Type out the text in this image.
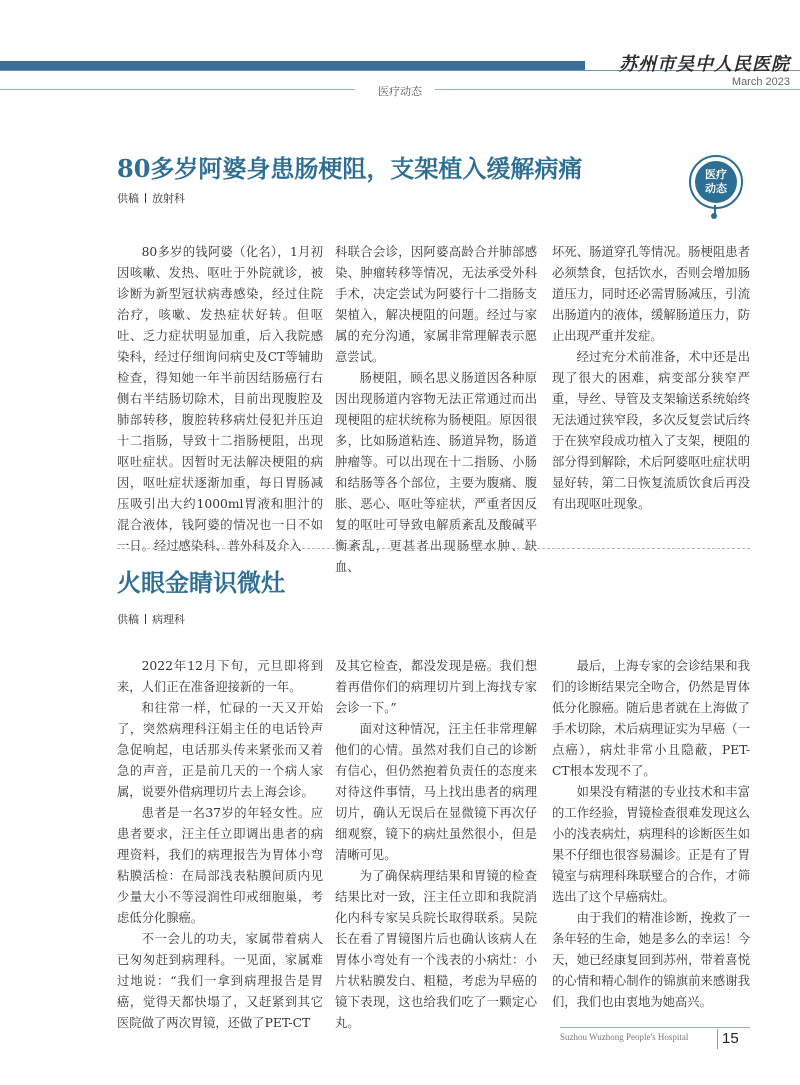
苏州市吴中人民医院
March 2023
医疗动态
80多岁阿婆身患肠梗阻，支架植入缓解病痛
供稿 放射科
医疗
动态

80多岁的钱阿婆（化名），1月初因咳嗽、发热、呕吐于外院就诊，被诊断为新型冠状病毒感染，经过住院治疗，咳嗽、发热症状好转。但呕吐、乏力症状明显加重，后入我院感染科，经过仔细询问病史及CT等辅助检查，得知她一年半前因结肠癌行右侧右半结肠切除术，目前出现腹腔及肺部转移，腹腔转移病灶侵犯并压迫十二指肠，导致十二指肠梗阻，出现呕吐症状。因暂时无法解决梗阻的病因，呕吐症状逐渐加重，每日胃肠减压吸引出大约1000ml胃液和胆汁的混合液体，钱阿婆的情况也一日不如一日。经过感染科、普外科及介入

科联合会诊，因阿婆高龄合并肺部感染、肿瘤转移等情况，无法承受外科手术，决定尝试为阿婆行十二指肠支架植入，解决梗阻的问题。经过与家属的充分沟通，家属非常理解表示愿意尝试。

肠梗阻，顾名思义肠道因各种原因出现肠道内容物无法正常通过而出现梗阻的症状统称为肠梗阻。原因很多，比如肠道粘连、肠道异物，肠道肿瘤等。可以出现在十二指肠、小肠和结肠等各个部位，主要为腹痛、腹胀、恶心、呕吐等症状，严重者因反复的呕吐可导致电解质紊乱及酸碱平衡紊乱，更甚者出现肠壁水肿、缺血、

坏死、肠道穿孔等情况。肠梗阻患者必须禁食，包括饮水，否则会增加肠道压力，同时还必需胃肠减压，引流出肠道内的液体，缓解肠道压力，防止出现严重并发症。

经过充分术前准备，术中还是出现了很大的困难，病变部分狭窄严重，导丝、导管及支架输送系统始终无法通过狭窄段，多次反复尝试后终于在狭窄段成功植入了支架，梗阻的部分得到解除，术后阿婆呕吐症状明显好转，第二日恢复流质饮食后再没有出现呕吐现象。

火眼金睛识微灶
供稿 病理科

2022年12月下旬，元旦即将到来，人们正在准备迎接新的一年。

和往常一样，忙碌的一天又开始了，突然病理科汪娟主任的电话铃声急促响起，电话那头传来紧张而又着急的声音，正是前几天的一个病人家属，说要外借病理切片去上海会诊。

患者是一名37岁的年轻女性。应患者要求，汪主任立即调出患者的病理资料，我们的病理报告为胃体小弯粘膜活检：在局部浅表粘膜间质内见少量大小不等浸润性印戒细胞巢，考虑低分化腺癌。

不一会儿的功夫，家属带着病人已匆匆赶到病理科。一见面，家属难过地说：“我们一拿到病理报告是胃癌，觉得天都快塌了，又赶紧到其它医院做了两次胃镜，还做了PET-CT

及其它检查，都没发现是癌。我们想着再借你们的病理切片到上海找专家会诊一下。”

面对这种情况，汪主任非常理解他们的心情。虽然对我们自己的诊断有信心，但仍然抱着负责任的态度来对待这件事情，马上找出患者的病理切片，确认无误后在显微镜下再次仔细观察，镜下的病灶虽然很小，但是清晰可见。

为了确保病理结果和胃镜的检查结果比对一致，汪主任立即和我院消化内科专家吴兵院长取得联系。吴院长在看了胃镜图片后也确认该病人在胃体小弯处有一个浅表的小病灶：小片状粘膜发白、粗糙，考虑为早癌的镜下表现，这也给我们吃了一颗定心丸。

最后，上海专家的会诊结果和我们的诊断结果完全吻合，仍然是胃体低分化腺癌。随后患者就在上海做了手术切除，术后病理证实为早癌（一点癌），病灶非常小且隐蔽，PET-CT根本发现不了。

如果没有精湛的专业技术和丰富的工作经验，胃镜检查很难发现这么小的浅表病灶，病理科的诊断医生如果不仔细也很容易漏诊。正是有了胃镜室与病理科珠联璧合的合作，才筛选出了这个早癌病灶。

由于我们的精准诊断，挽救了一条年轻的生命，她是多么的幸运！今天，她已经康复回到苏州，带着喜悦的心情和精心制作的锦旗前来感谢我们，我们也由衷地为她高兴。

Suzhou Wuzhong People's Hospital	15
